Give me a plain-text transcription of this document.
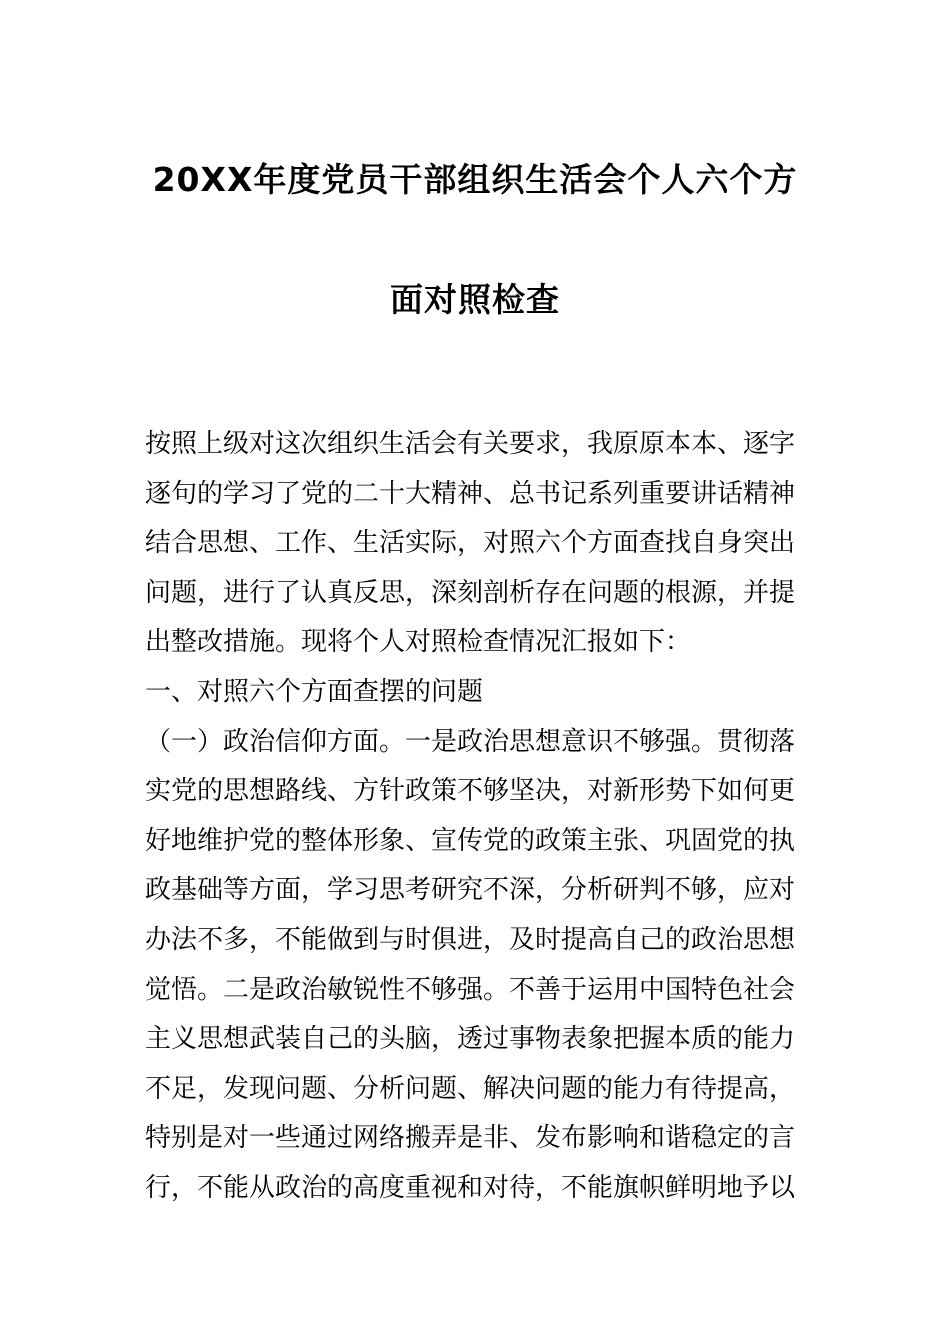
20XX年度党员干部组织生活会个人六个方
面对照检查

按照上级对这次组织生活会有关要求，我原原本本、逐字

逐句的学习了党的二十大精神、总书记系列重要讲话精神

结合思想、工作、生活实际，对照六个方面查找自身突出

问题，进行了认真反思，深刻剖析存在问题的根源，并提

出整改措施。现将个人对照检查情况汇报如下：

一、对照六个方面查摆的问题

（一）政治信仰方面。一是政治思想意识不够强。贯彻落

实党的思想路线、方针政策不够坚决，对新形势下如何更

好地维护党的整体形象、宣传党的政策主张、巩固党的执

政基础等方面，学习思考研究不深，分析研判不够，应对

办法不多，不能做到与时俱进，及时提高自己的政治思想

觉悟。二是政治敏锐性不够强。不善于运用中国特色社会

主义思想武装自己的头脑，透过事物表象把握本质的能力

不足，发现问题、分析问题、解决问题的能力有待提高，

特别是对一些通过网络搬弄是非、发布影响和谐稳定的言

行，不能从政治的高度重视和对待，不能旗帜鲜明地予以
